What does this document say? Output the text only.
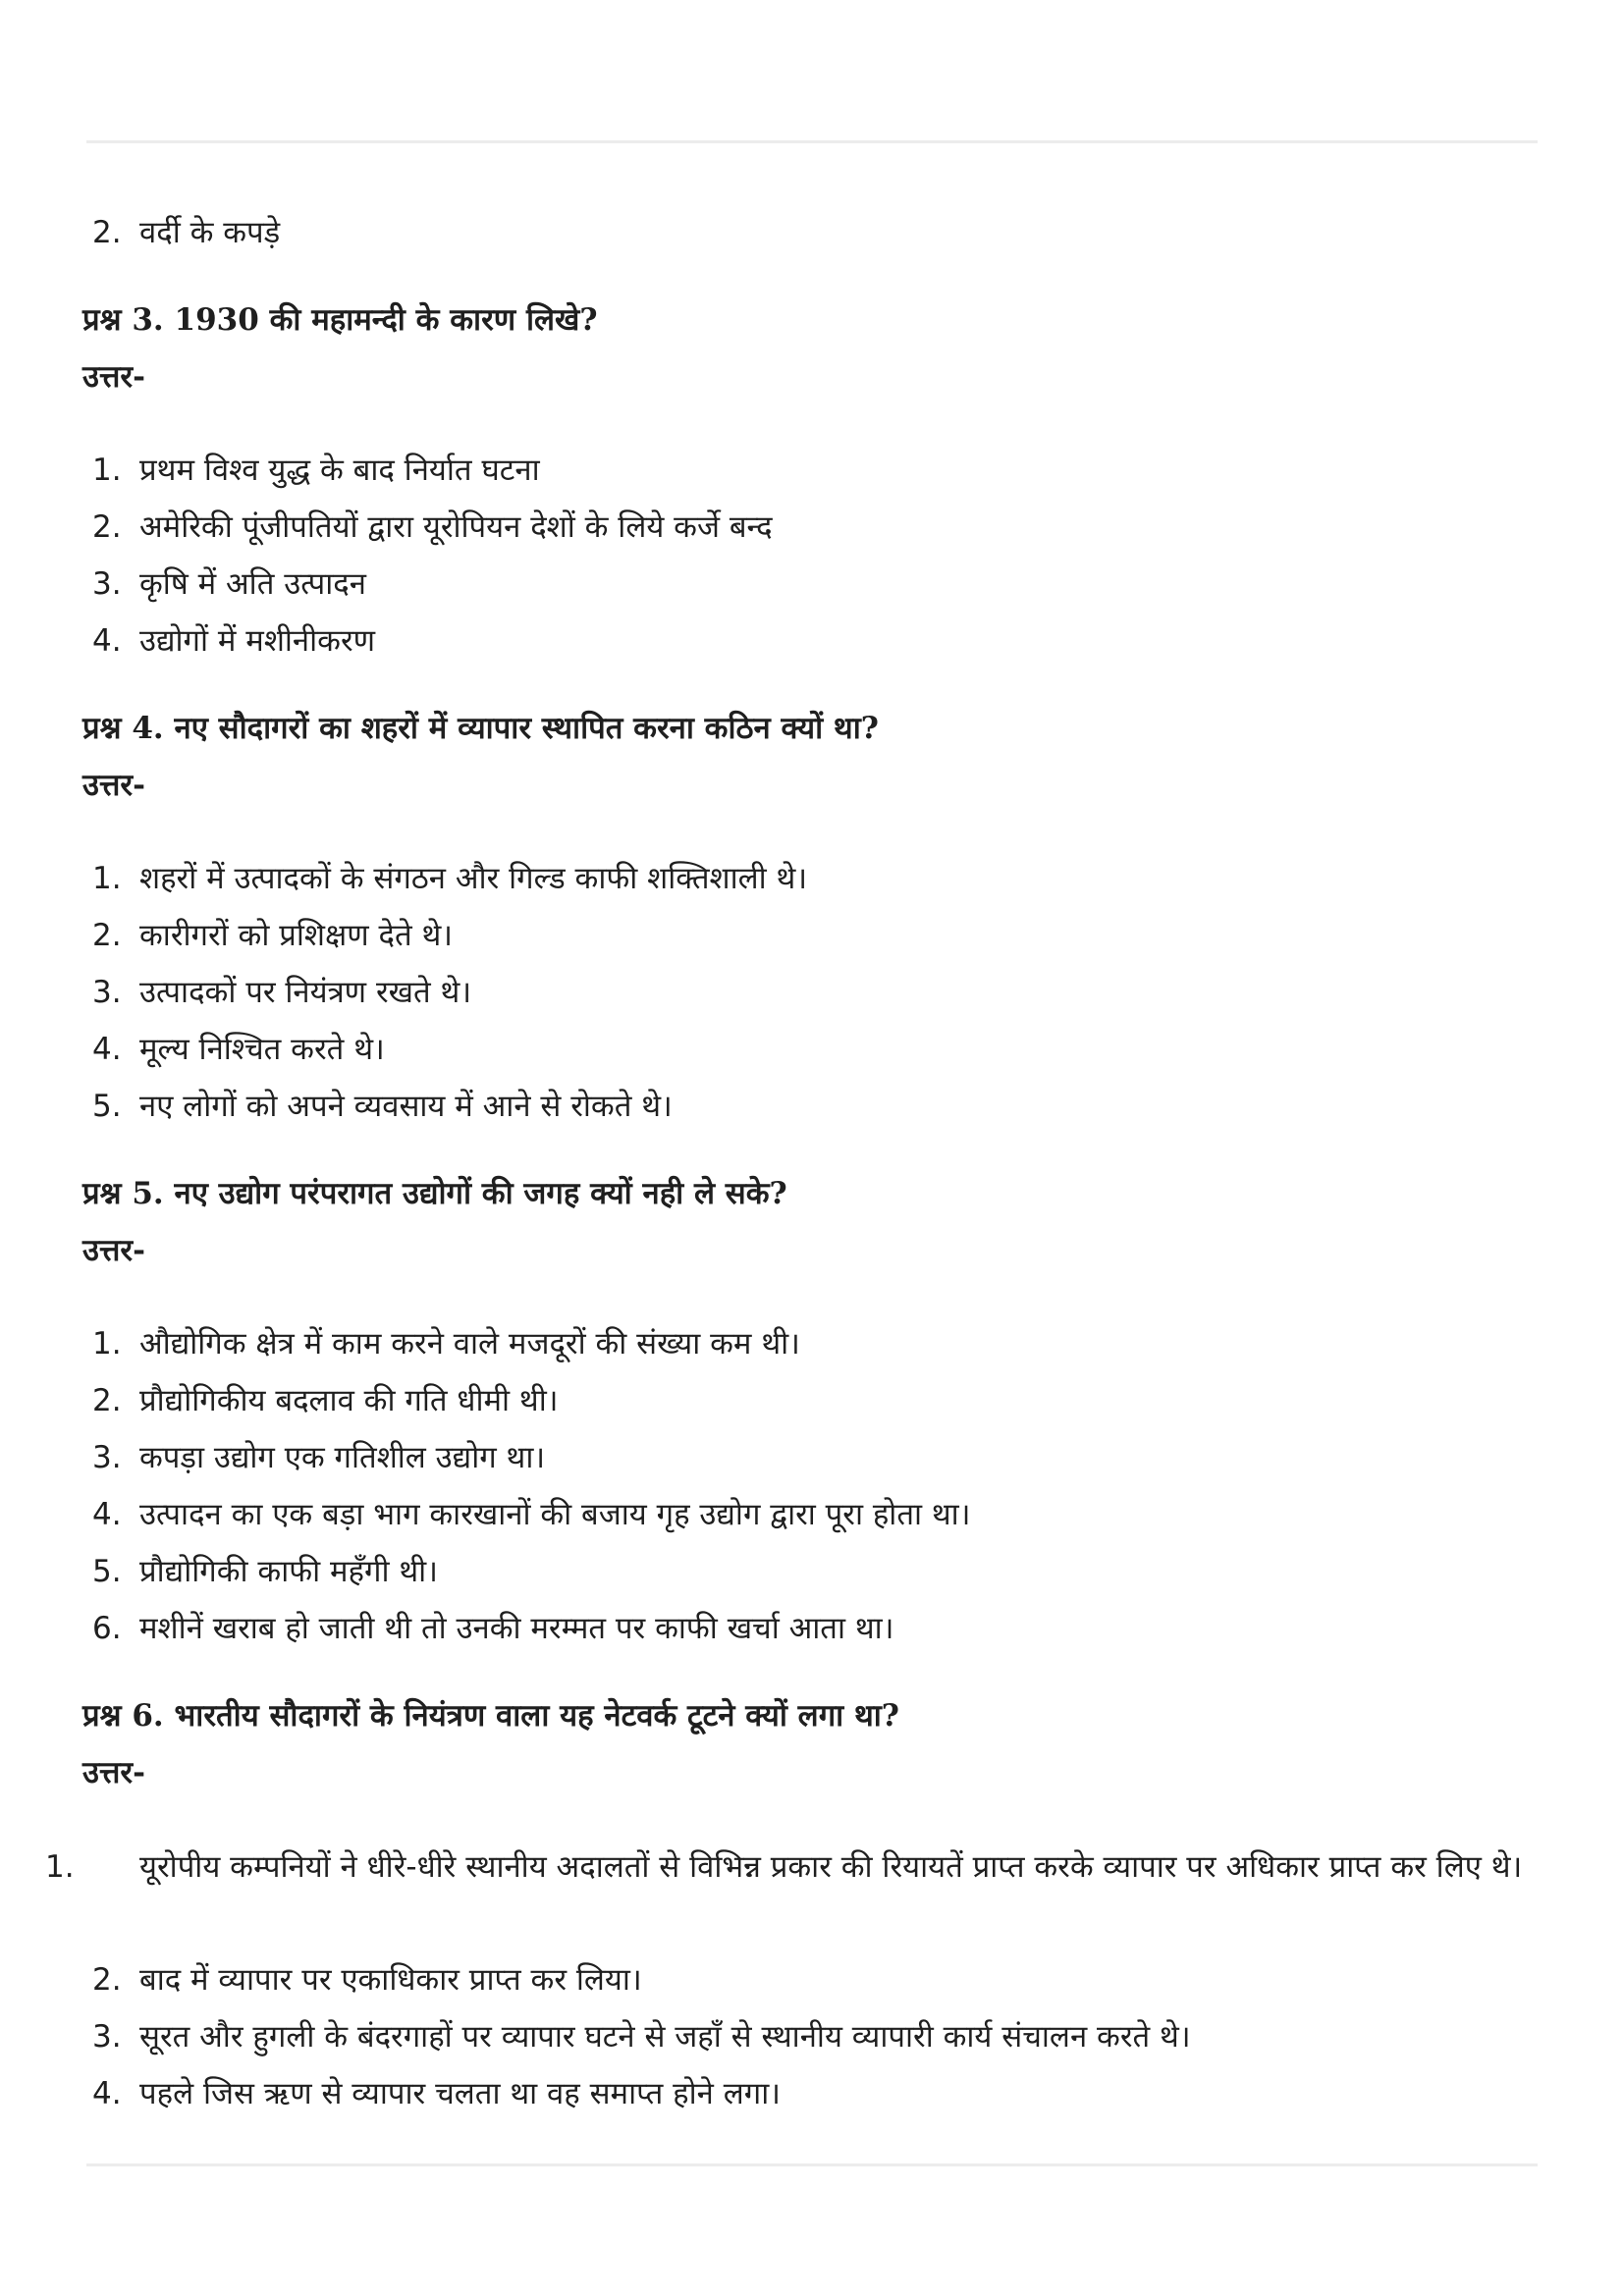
2. वर्दी के कपड़े
प्रश्न 3. 1930 की महामन्दी के कारण लिखे?
उत्तर-
1. प्रथम विश्व युद्ध के बाद निर्यात घटना
2. अमेरिकी पूंजीपतियों द्वारा यूरोपियन देशों के लिये कर्जे बन्द
3. कृषि में अति उत्पादन
4. उद्योगों में मशीनीकरण
प्रश्न 4. नए सौदागरों का शहरों में व्यापार स्थापित करना कठिन क्यों था?
उत्तर-
1. शहरों में उत्पादकों के संगठन और गिल्ड काफी शक्तिशाली थे।
2. कारीगरों को प्रशिक्षण देते थे।
3. उत्पादकों पर नियंत्रण रखते थे।
4. मूल्य निश्चित करते थे।
5. नए लोगों को अपने व्यवसाय में आने से रोकते थे।
प्रश्न 5. नए उद्योग परंपरागत उद्योगों की जगह क्यों नही ले सके?
उत्तर-
1. औद्योगिक क्षेत्र में काम करने वाले मजदूरों की संख्या कम थी।
2. प्रौद्योगिकीय बदलाव की गति धीमी थी।
3. कपड़ा उद्योग एक गतिशील उद्योग था।
4. उत्पादन का एक बड़ा भाग कारखानों की बजाय गृह उद्योग द्वारा पूरा होता था।
5. प्रौद्योगिकी काफी महँगी थी।
6. मशीनें खराब हो जाती थी तो उनकी मरम्मत पर काफी खर्चा आता था।
प्रश्न 6. भारतीय सौदागरों के नियंत्रण वाला यह नेटवर्क टूटने क्यों लगा था?
उत्तर-
1. यूरोपीय कम्पनियों ने धीरे-धीरे स्थानीय अदालतों से विभिन्न प्रकार की रियायतें प्राप्त करके व्यापार पर अधिकार प्राप्त कर लिए थे।
2. बाद में व्यापार पर एकाधिकार प्राप्त कर लिया।
3. सूरत और हुगली के बंदरगाहों पर व्यापार घटने से जहाँ से स्थानीय व्यापारी कार्य संचालन करते थे।
4. पहले जिस ऋण से व्यापार चलता था वह समाप्त होने लगा।
